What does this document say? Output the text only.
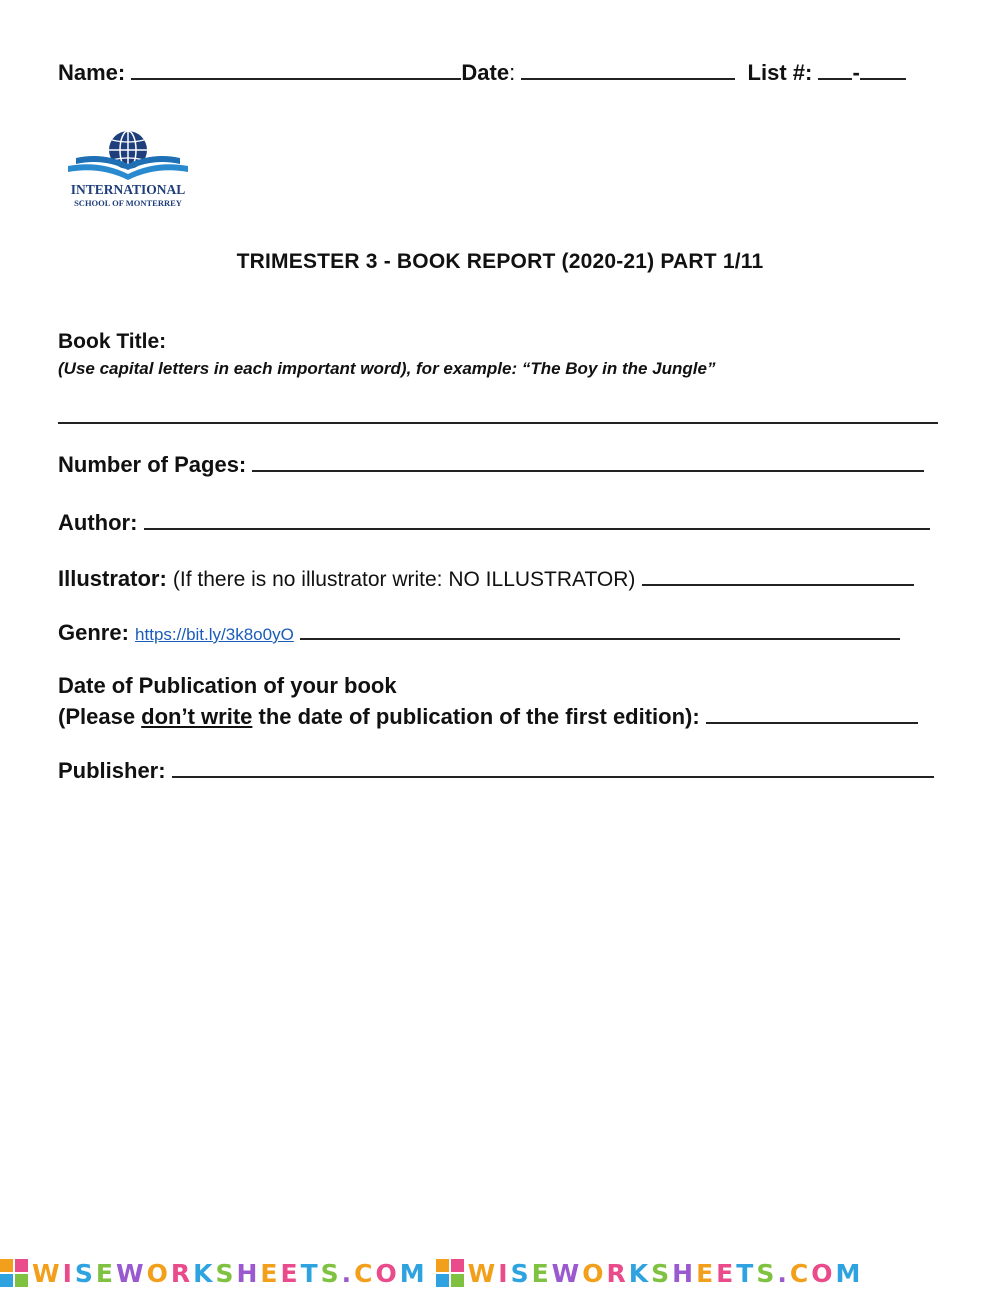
Name:	Date:	List #: -
INTERNATIONAL
SCHOOL OF MONTERREY
TRIMESTER 3 - BOOK REPORT (2020-21) PART 1/11
Book Title:
(Use capital letters in each important word), for example: “The Boy in the Jungle”
Number of Pages:
Author:
Illustrator: (If there is no illustrator write: NO ILLUSTRATOR)
Genre: https://bit.ly/3k8o0yO
Date of Publication of your book
(Please don’t write the date of publication of the first edition):
Publisher:
WISEWORKSHEETS.COM WISEWORKSHEETS.COM
